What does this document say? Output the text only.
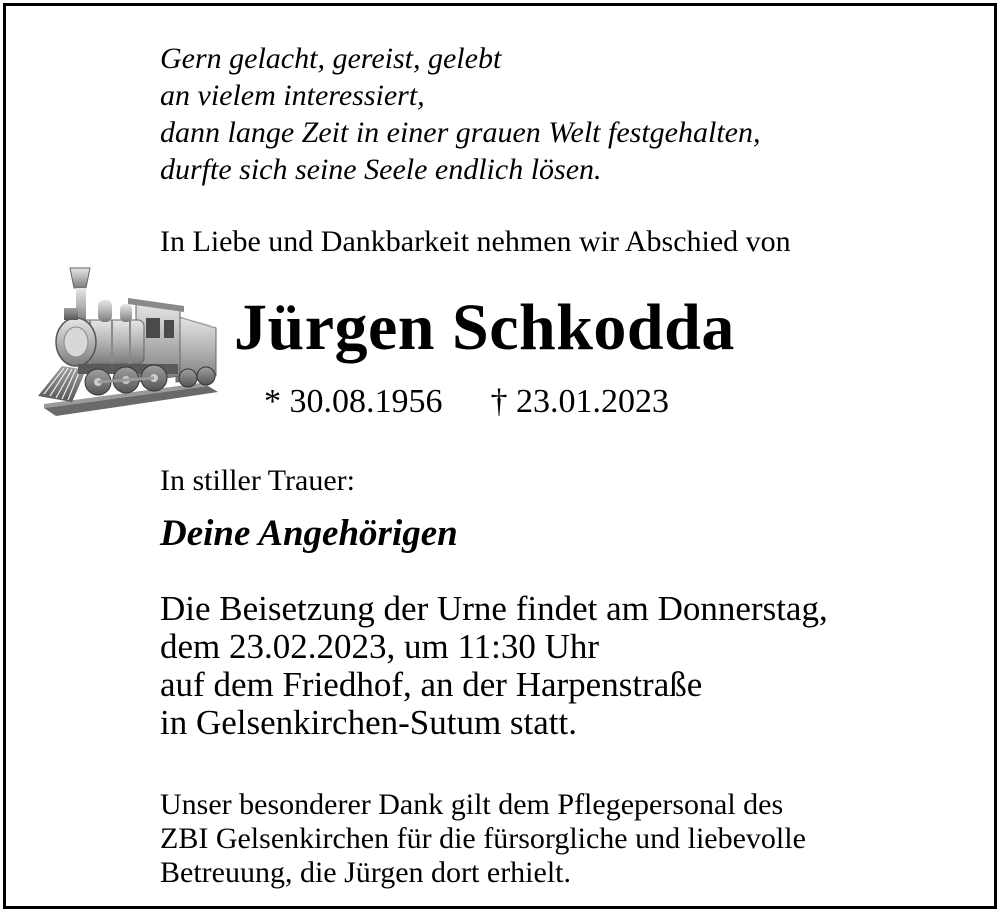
Gern gelacht, gereist, gelebt
an vielem interessiert,
dann lange Zeit in einer grauen Welt festgehalten,
durfte sich seine Seele endlich lösen.
In Liebe und Dankbarkeit nehmen wir Abschied von
Jürgen Schkodda
* 30.08.1956 † 23.01.2023
In stiller Trauer:
Deine Angehörigen
Die Beisetzung der Urne findet am Donnerstag,
dem 23.02.2023, um 11:30 Uhr
auf dem Friedhof, an der Harpenstraße
in Gelsenkirchen-Sutum statt.
Unser besonderer Dank gilt dem Pflegepersonal des
ZBI Gelsenkirchen für die fürsorgliche und liebevolle
Betreuung, die Jürgen dort erhielt.
